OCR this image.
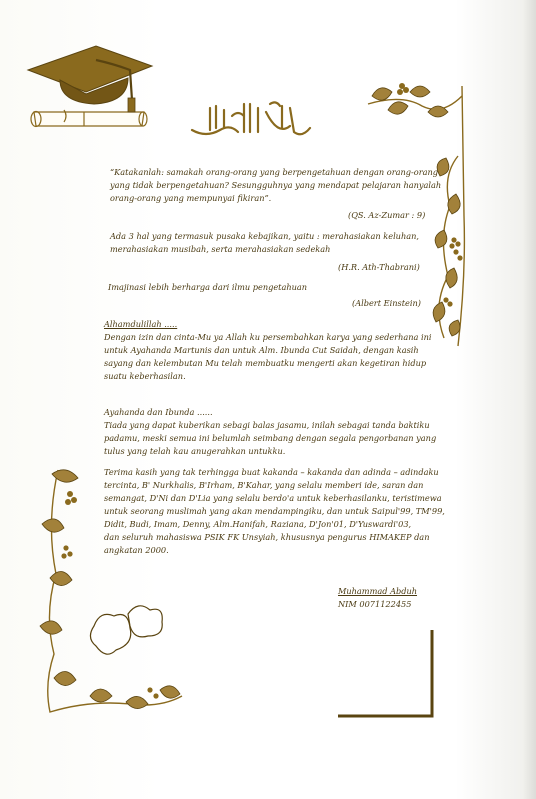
“Katakanlah: samakah orang-orang yang berpengetahuan dengan orang-orang
yang tidak berpengetahuan? Sesungguhnya yang mendapat pelajaran hanyalah
orang-orang yang mempunyai fikiran”.
(QS. Az-Zumar : 9)
Ada 3 hal yang termasuk pusaka kebajikan, yaitu : merahasiakan keluhan,
merahasiakan musibah, serta merahasiakan sedekah
(H.R. Ath-Thabrani)
Imajinasi lebih berharga dari ilmu pengetahuan
(Albert Einstein)
Alhamdulillah .....
Dengan izin dan cinta-Mu ya Allah ku persembahkan karya yang sederhana ini
untuk Ayahanda Martunis dan untuk Alm. Ibunda Cut Saidah, dengan kasih
sayang dan kelembutan Mu telah membuatku mengerti akan kegetiran hidup
suatu keberhasilan.
Ayahanda dan Ibunda ......
Tiada yang dapat kuberikan sebagi balas jasamu, inilah sebagai tanda baktiku
padamu, meski semua ini belumlah seimbang dengan segala pengorbanan yang
tulus yang telah kau anugerahkan untukku.
Terima kasih yang tak terhingga buat kakanda – kakanda dan adinda – adindaku
tercinta, B' Nurkhalis, B'Irham, B'Kahar, yang selalu memberi ide, saran dan
semangat, D'Ni dan D'Lia yang selalu berdo'a untuk keberhasilanku, teristimewa
untuk seorang muslimah yang akan mendampingiku, dan untuk Saipul'99, TM'99,
Didit, Budi, Imam, Denny, Alm.Hanifah, Raziana, D'Jon'01, D'Yuswardi'03,
dan seluruh mahasiswa PSIK FK Unsyiah, khususnya pengurus HIMAKEP dan
angkatan 2000.
Muhammad Abduh
NIM 0071122455
